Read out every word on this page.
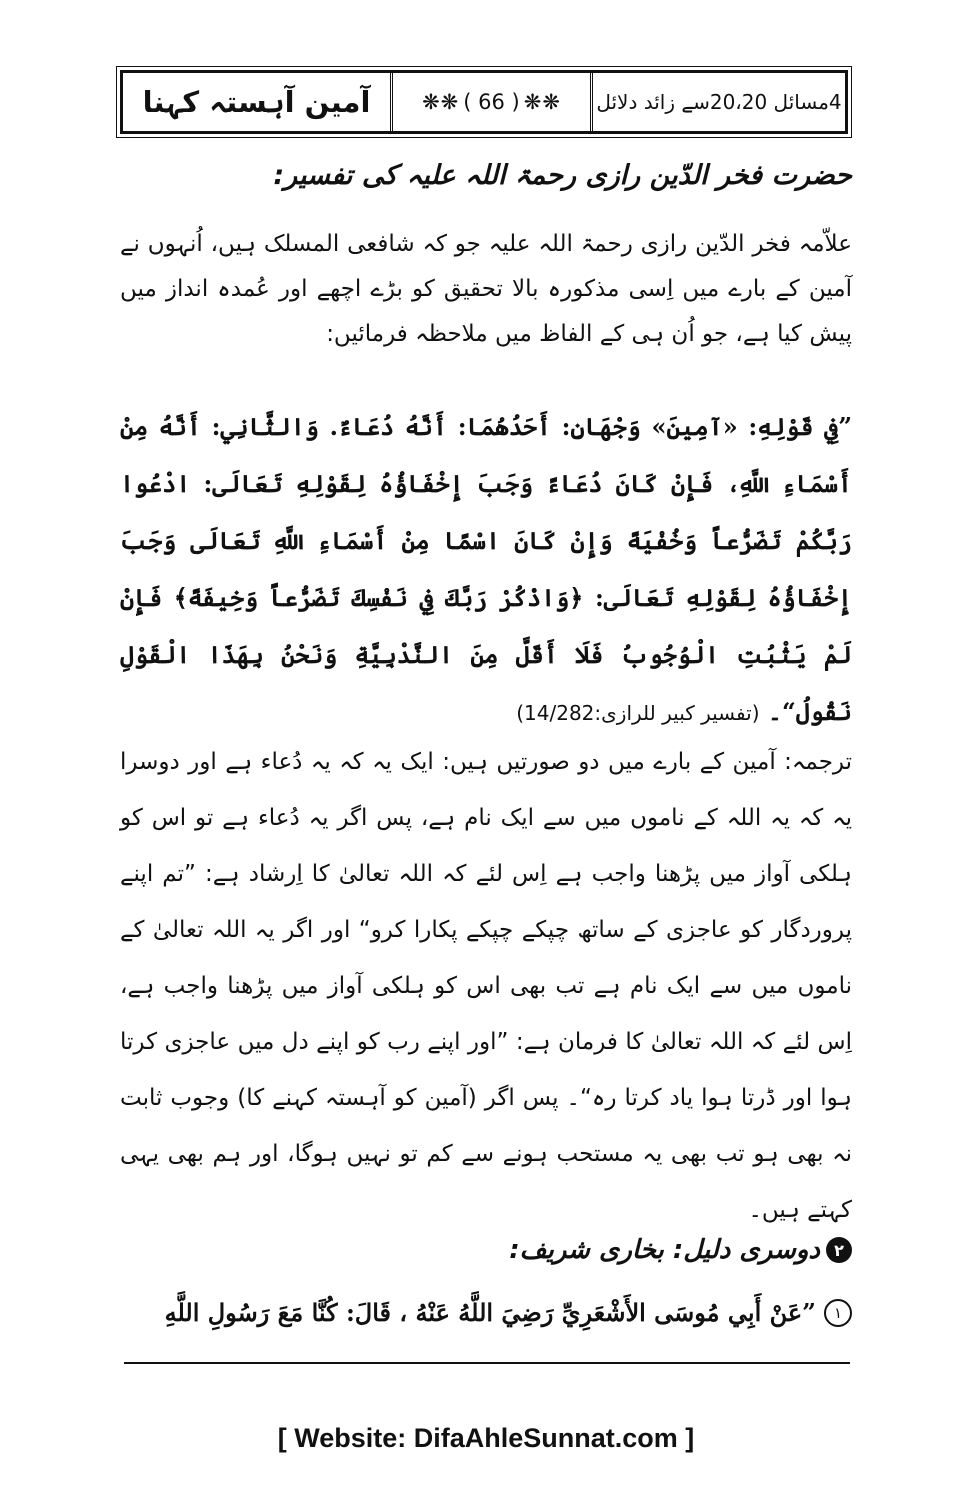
4مسائل 20،20سے زائد دلائل
❋❋ ( 66 ) ❋❋
آمین آہستہ کہنا
حضرت فخر الدّین رازی رحمۃ اللہ علیہ کی تفسیر:
علاّمہ فخر الدّین رازی رحمۃ اللہ علیہ جو کہ شافعی المسلک ہیں، اُنہوں نے آمین کے بارے میں اِسی مذکورہ بالا تحقیق کو بڑے اچھے اور عُمدہ انداز میں پیش کیا ہے، جو اُن ہی کے الفاظ میں ملاحظہ فرمائیں:
”فِي قَوْلِهِ: «آمِينَ» وَجْهَانِ: أَحَدُهُمَا: أَنَّهُ دُعَاءٌ. وَالثَّانِي: أَنَّهُ مِنْ أَسْمَاءِ اللَّهِ، فَإِنْ كَانَ دُعَاءً وَجَبَ إِخْفَاؤُهُ لِقَوْلِهِ تَعَالَى: ادْعُوا رَبَّكُمْ تَضَرُّعاً وَخُفْيَةً وَإِنْ كَانَ اسْمًا مِنْ أَسْمَاءِ اللَّهِ تَعَالَى وَجَبَ إِخْفَاؤُهُ لِقَوْلِهِ تَعَالَى: ﴿وَاذْكُرْ رَبَّكَ فِي نَفْسِكَ تَضَرُّعاً وَخِيفَةً﴾ فَإِنْ لَمْ يَثْبُتِ الْوُجُوبُ فَلَا أَقَلَّ مِنَ النَّدْبِيَّةِ وَنَحْنُ بِهَذَا الْقَوْلِ نَقُولُ“۔ (تفسیر کبیر للرازی:14/282)
ترجمہ: آمین کے بارے میں دو صورتیں ہیں: ایک یہ کہ یہ دُعاء ہے اور دوسرا یہ کہ یہ اللہ کے ناموں میں سے ایک نام ہے، پس اگر یہ دُعاء ہے تو اس کو ہلکی آواز میں پڑھنا واجب ہے اِس لئے کہ اللہ تعالیٰ کا اِرشاد ہے: ”تم اپنے پروردگار کو عاجزی کے ساتھ چپکے چپکے پکارا کرو“ اور اگر یہ اللہ تعالیٰ کے ناموں میں سے ایک نام ہے تب بھی اس کو ہلکی آواز میں پڑھنا واجب ہے، اِس لئے کہ اللہ تعالیٰ کا فرمان ہے: ”اور اپنے رب کو اپنے دل میں عاجزی کرتا ہوا اور ڈرتا ہوا یاد کرتا رہ“۔ پس اگر (آمین کو آہستہ کہنے کا) وجوب ثابت نہ بھی ہو تب بھی یہ مستحب ہونے سے کم تو نہیں ہوگا، اور ہم بھی یہی کہتے ہیں۔
۲
دوسری دلیل: بخاری شریف:
۱
”عَنْ أَبِي مُوسَى الأَشْعَرِيِّ رَضِيَ اللَّهُ عَنْهُ ، قَالَ: كُنَّا مَعَ رَسُولِ اللَّهِ
[ Website: DifaAhleSunnat.com ]
